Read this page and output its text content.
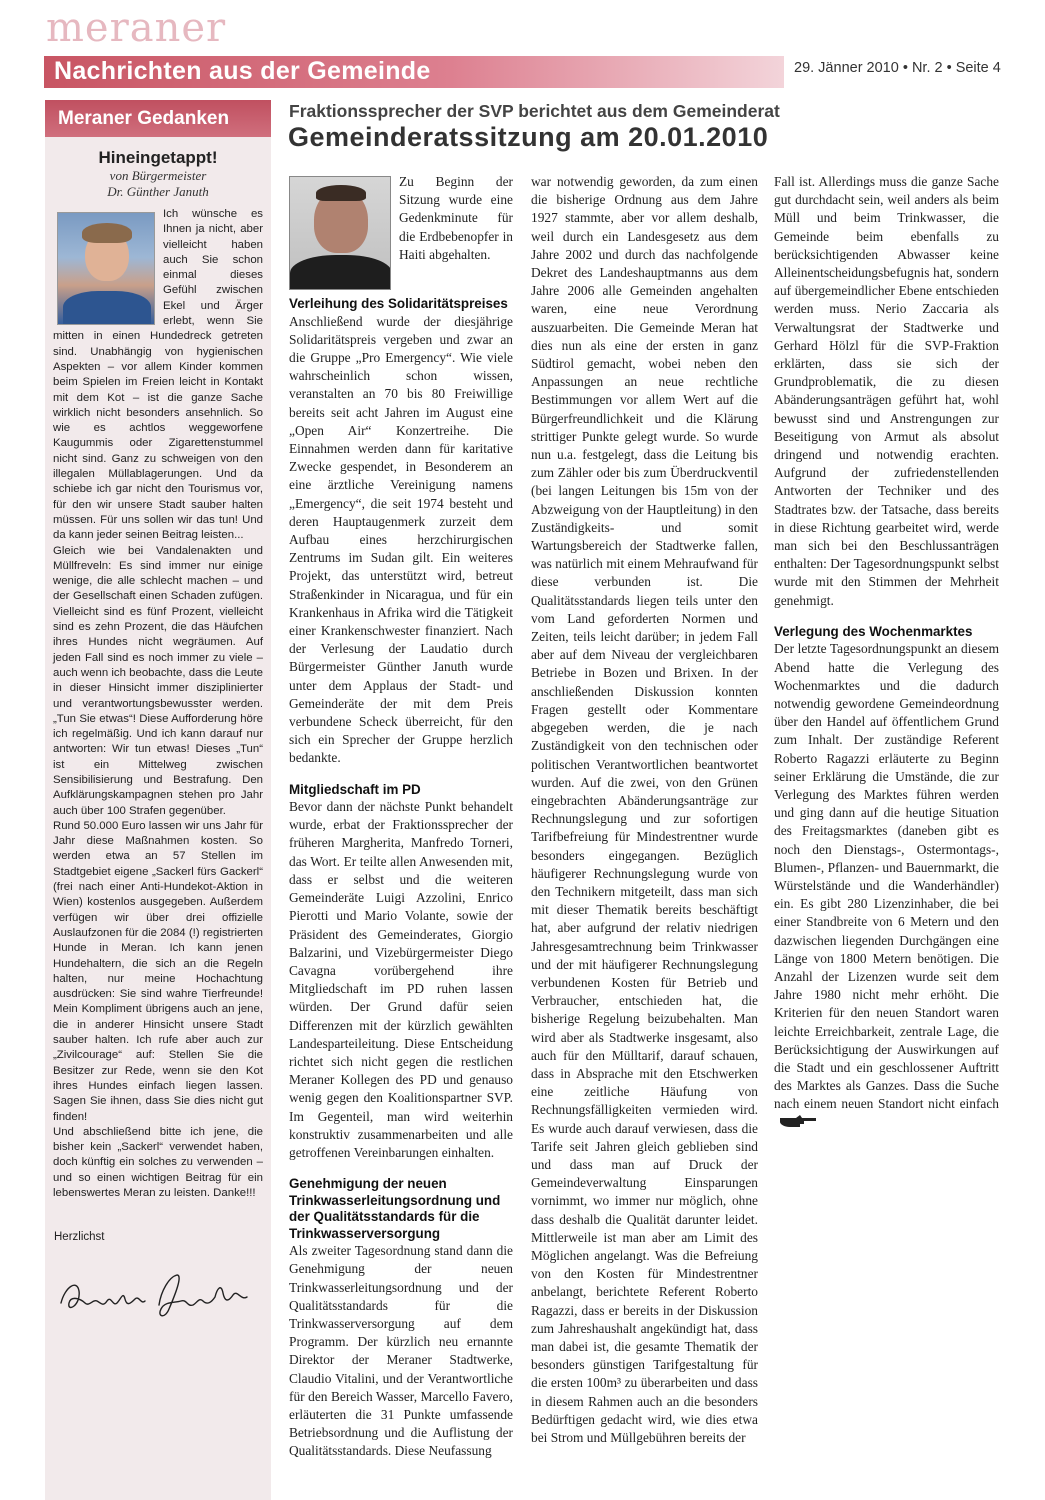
meraner
Nachrichten aus der Gemeinde	29. Jänner 2010 • Nr. 2 • Seite 4
Meraner Gedanken
Hineingetappt!
von Bürgermeister
Dr. Günther Januth
Ich wünsche es Ihnen ja nicht, aber vielleicht haben auch Sie schon einmal dieses Gefühl zwischen Ekel und Ärger erlebt, wenn Sie mitten in einen Hundedreck getreten sind. Unabhängig von hygienischen Aspekten – vor allem Kinder kommen beim Spielen im Freien leicht in Kontakt mit dem Kot – ist die ganze Sache wirklich nicht besonders ansehnlich. So wie es achtlos weggeworfene Kaugummis oder Zigarettenstummel nicht sind. Ganz zu schweigen von den illegalen Müllablagerungen. Und da schiebe ich gar nicht den Tourismus vor, für den wir unsere Stadt sauber halten müssen. Für uns sollen wir das tun! Und da kann jeder seinen Beitrag leisten...
Gleich wie bei Vandalenakten und Müllfreveln: Es sind immer nur einige wenige, die alle schlecht machen – und der Gesellschaft einen Schaden zufügen. Vielleicht sind es fünf Prozent, vielleicht sind es zehn Prozent, die das Häufchen ihres Hundes nicht wegräumen. Auf jeden Fall sind es noch immer zu viele – auch wenn ich beobachte, dass die Leute in dieser Hinsicht immer disziplinierter und verantwortungsbewusster werden. „Tun Sie etwas“! Diese Aufforderung höre ich regelmäßig. Und ich kann darauf nur antworten: Wir tun etwas! Dieses „Tun“ ist ein Mittelweg zwischen Sensibilisierung und Bestrafung. Den Aufklärungskampagnen stehen pro Jahr auch über 100 Strafen gegenüber.
Rund 50.000 Euro lassen wir uns Jahr für Jahr diese Maßnahmen kosten. So werden etwa an 57 Stellen im Stadtgebiet eigene „Sackerl fürs Gackerl“ (frei nach einer Anti-Hundekot-Aktion in Wien) kostenlos ausgegeben. Außerdem verfügen wir über drei offizielle Auslaufzonen für die 2084 (!) registrierten Hunde in Meran. Ich kann jenen Hundehaltern, die sich an die Regeln halten, nur meine Hochachtung ausdrücken: Sie sind wahre Tierfreunde! Mein Kompliment übrigens auch an jene, die in anderer Hinsicht unsere Stadt sauber halten. Ich rufe aber auch zur „Zivilcourage“ auf: Stellen Sie die Besitzer zur Rede, wenn sie den Kot ihres Hundes einfach liegen lassen. Sagen Sie ihnen, dass Sie dies nicht gut finden!
Und abschließend bitte ich jene, die bisher kein „Sackerl“ verwendet haben, doch künftig ein solches zu verwenden – und so einen wichtigen Beitrag für ein lebenswertes Meran zu leisten. Danke!!!
Herzlichst
Fraktionssprecher der SVP berichtet aus dem Gemeinderat
Gemeinderatssitzung am 20.01.2010

Zu Beginn der Sitzung wurde eine Gedenkminute für die Erdbebenopfer in Haiti abgehalten.

Verleihung des Solidaritätspreises

Anschließend wurde der diesjährige Solidaritätspreis vergeben und zwar an die Gruppe „Pro Emergency“. Wie viele wahrscheinlich schon wissen, veranstalten an 70 bis 80 Freiwillige bereits seit acht Jahren im August eine „Open Air“ Konzertreihe. Die Einnahmen werden dann für karitative Zwecke gespendet, in Besonderem an eine ärztliche Vereinigung namens „Emergency“, die seit 1974 besteht und deren Hauptaugenmerk zurzeit dem Aufbau eines herzchirurgischen Zentrums im Sudan gilt. Ein weiteres Projekt, das unterstützt wird, betreut Straßenkinder in Nicaragua, und für ein Krankenhaus in Afrika wird die Tätigkeit einer Krankenschwester finanziert. Nach der Verlesung der Laudatio durch Bürgermeister Günther Januth wurde unter dem Applaus der Stadt- und Gemeinderäte der mit dem Preis verbundene Scheck überreicht, für den sich ein Sprecher der Gruppe herzlich bedankte.

Mitgliedschaft im PD

Bevor dann der nächste Punkt behandelt wurde, erbat der Fraktionssprecher der früheren Margherita, Manfredo Torneri, das Wort. Er teilte allen Anwesenden mit, dass er selbst und die weiteren Gemeinderäte Luigi Azzolini, Enrico Pierotti und Mario Volante, sowie der Präsident des Gemeinderates, Giorgio Balzarini, und Vizebürgermeister Diego Cavagna vorübergehend ihre Mitgliedschaft im PD ruhen lassen würden. Der Grund dafür seien Differenzen mit der kürzlich gewählten Landesparteileitung. Diese Entscheidung richtet sich nicht gegen die restlichen Meraner Kollegen des PD und genauso wenig gegen den Koalitionspartner SVP. Im Gegenteil, man wird weiterhin konstruktiv zusammenarbeiten und alle getroffenen Vereinbarungen einhalten.

Genehmigung der neuen Trinkwasserleitungsordnung und der Qualitätsstandards für die Trinkwasserversorgung

Als zweiter Tagesordnung stand dann die Genehmigung der neuen Trinkwasserleitungsordnung und der Qualitätsstandards für die Trinkwasserversorgung auf dem Programm. Der kürzlich neu ernannte Direktor der Meraner Stadtwerke, Claudio Vitalini, und der Verantwortliche für den Bereich Wasser, Marcello Favero, erläuterten die 31 Punkte umfassende Betriebsordnung und die Auflistung der Qualitätsstandards. Diese Neufassung

war notwendig geworden, da zum einen die bisherige Ordnung aus dem Jahre 1927 stammte, aber vor allem deshalb, weil durch ein Landesgesetz aus dem Jahre 2002 und durch das nachfolgende Dekret des Landeshauptmanns aus dem Jahre 2006 alle Gemeinden angehalten waren, eine neue Verordnung auszuarbeiten. Die Gemeinde Meran hat dies nun als eine der ersten in ganz Südtirol gemacht, wobei neben den Anpassungen an neue rechtliche Bestimmungen vor allem Wert auf die Bürgerfreundlichkeit und die Klärung strittiger Punkte gelegt wurde. So wurde nun u.a. festgelegt, dass die Leitung bis zum Zähler oder bis zum Überdruckventil (bei langen Leitungen bis 15m von der Abzweigung von der Hauptleitung) in den Zuständigkeits- und somit Wartungsbereich der Stadtwerke fallen, was natürlich mit einem Mehraufwand für diese verbunden ist. Die Qualitätsstandards liegen teils unter den vom Land geforderten Normen und Zeiten, teils leicht darüber; in jedem Fall aber auf dem Niveau der vergleichbaren Betriebe in Bozen und Brixen. In der anschließenden Diskussion konnten Fragen gestellt oder Kommentare abgegeben werden, die je nach Zuständigkeit von den technischen oder politischen Verantwortlichen beantwortet wurden. Auf die zwei, von den Grünen eingebrachten Abänderungsanträge zur Rechnungslegung und zur sofortigen Tarifbefreiung für Mindestrentner wurde besonders eingegangen. Bezüglich häufigerer Rechnungslegung wurde von den Technikern mitgeteilt, dass man sich mit dieser Thematik bereits beschäftigt hat, aber aufgrund der relativ niedrigen Jahresgesamtrechnung beim Trinkwasser und der mit häufigerer Rechnungslegung verbundenen Kosten für Betrieb und Verbraucher, entschieden hat, die bisherige Regelung beizubehalten. Man wird aber als Stadtwerke insgesamt, also auch für den Mülltarif, darauf schauen, dass in Absprache mit den Etschwerken eine zeitliche Häufung von Rechnungsfälligkeiten vermieden wird. Es wurde auch darauf verwiesen, dass die Tarife seit Jahren gleich geblieben sind und dass man auf Druck der Gemeindeverwaltung Einsparungen vornimmt, wo immer nur möglich, ohne dass deshalb die Qualität darunter leidet. Mittlerweile ist man aber am Limit des Möglichen angelangt. Was die Befreiung von den Kosten für Mindestrentner anbelangt, berichtete Referent Roberto Ragazzi, dass er bereits in der Diskussion zum Jahreshaushalt angekündigt hat, dass man dabei ist, die gesamte Thematik der besonders günstigen Tarifgestaltung für die ersten 100m³ zu überarbeiten und dass in diesem Rahmen auch an die besonders Bedürftigen gedacht wird, wie dies etwa bei Strom und Müllgebühren bereits der

Fall ist. Allerdings muss die ganze Sache gut durchdacht sein, weil anders als beim Müll und beim Trinkwasser, die Gemeinde beim ebenfalls zu berücksichtigenden Abwasser keine Alleinentscheidungsbefugnis hat, sondern auf übergemeindlicher Ebene entschieden werden muss. Nerio Zaccaria als Verwaltungsrat der Stadtwerke und Gerhard Hölzl für die SVP-Fraktion erklärten, dass sie sich der Grundproblematik, die zu diesen Abänderungsanträgen geführt hat, wohl bewusst sind und Anstrengungen zur Beseitigung von Armut als absolut dringend und notwendig erachten. Aufgrund der zufriedenstellenden Antworten der Techniker und des Stadtrates bzw. der Tatsache, dass bereits in diese Richtung gearbeitet wird, werde man sich bei den Beschlussanträgen enthalten: Der Tagesordnungspunkt selbst wurde mit den Stimmen der Mehrheit genehmigt.

Verlegung des Wochenmarktes

Der letzte Tagesordnungspunkt an diesem Abend hatte die Verlegung des Wochenmarktes und die dadurch notwendig gewordene Gemeindeordnung über den Handel auf öffentlichem Grund zum Inhalt. Der zuständige Referent Roberto Ragazzi erläuterte zu Beginn seiner Erklärung die Umstände, die zur Verlegung des Marktes führen werden und ging dann auf die heutige Situation des Freitagsmarktes (daneben gibt es noch den Dienstags-, Ostermontags-, Blumen-, Pflanzen- und Bauernmarkt, die Würstelstände und die Wanderhändler) ein. Es gibt 280 Lizenzinhaber, die bei einer Standbreite von 6 Metern und den dazwischen liegenden Durchgängen eine Länge von 1800 Metern benötigen. Die Anzahl der Lizenzen wurde seit dem Jahre 1980 nicht mehr erhöht. Die Kriterien für den neuen Standort waren leichte Erreichbarkeit, zentrale Lage, die Berücksichtigung der Auswirkungen auf die Stadt und ein geschlossener Auftritt des Marktes als Ganzes. Dass die Suche nach einem neuen Standort nicht einfach
